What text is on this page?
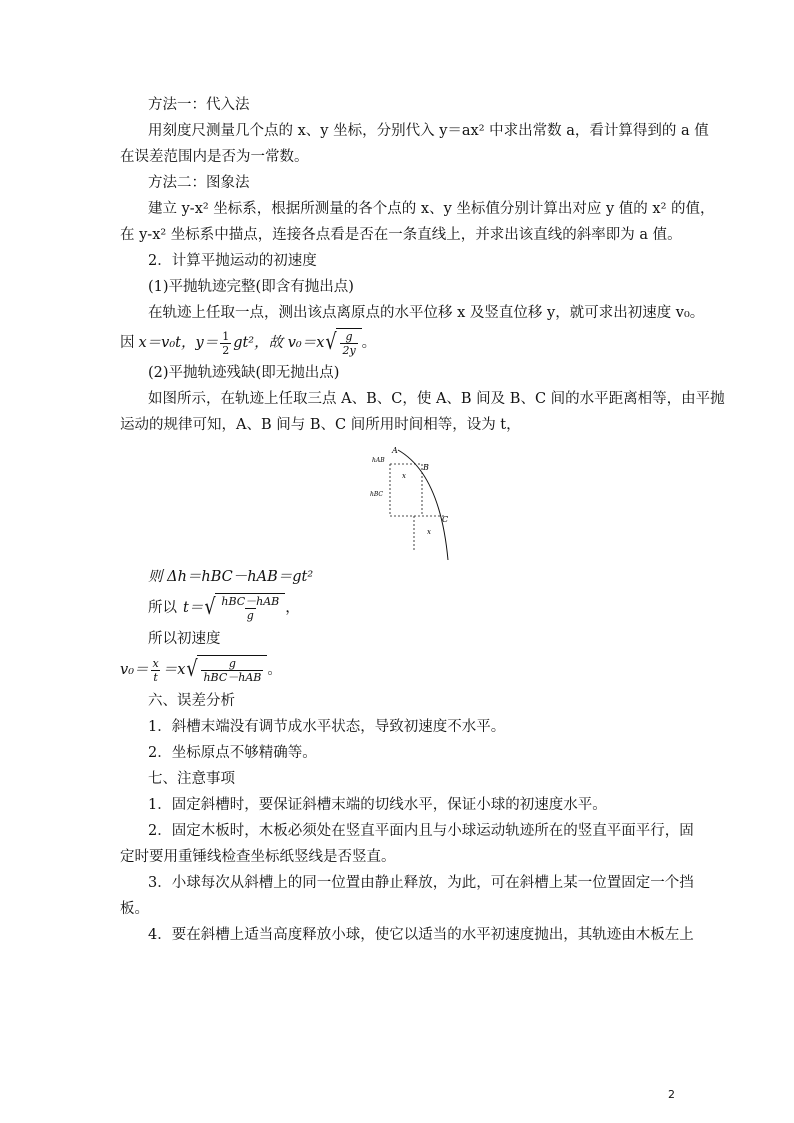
方法一：代入法
用刻度尺测量几个点的 x、y 坐标，分别代入 y＝ax² 中求出常数 a，看计算得到的 a 值
在误差范围内是否为一常数。
方法二：图象法
建立 y-x² 坐标系，根据所测量的各个点的 x、y 坐标值分别计算出对应 y 值的 x² 的值，
在 y-x² 坐标系中描点，连接各点看是否在一条直线上，并求出该直线的斜率即为 a 值。
2．计算平抛运动的初速度
(1)平抛轨迹完整(即含有抛出点)
在轨迹上任取一点，测出该点离原点的水平位移 x 及竖直位移 y，就可求出初速度 v₀。
因 x＝v₀t，$y= \frac{1}{2} gt^2$，故 v₀＝x √ $\frac{g}{2y}$ 。
(2)平抛轨迹残缺(即无抛出点)
如图所示，在轨迹上任取三点 A、B、C，使 A、B 间及 B、C 间的水平距离相等，由平抛
运动的规律可知，A、B 间与 B、C 间所用时间相等，设为 t，
A
B
C
hAB
hBC
x
x
则 Δh＝hBC－hAB＝gt²
所以 t＝ √ $\frac{\text{hBC－hAB}}{g}$ ，
所以初速度
$v_0= \frac{x}{t} =x$ √ $\frac{g}{\text{hBC－hAB}}$ 。
六、误差分析
1．斜槽末端没有调节成水平状态，导致初速度不水平。
2．坐标原点不够精确等。
七、注意事项
1．固定斜槽时，要保证斜槽末端的切线水平，保证小球的初速度水平。
2．固定木板时，木板必须处在竖直平面内且与小球运动轨迹所在的竖直平面平行，固
定时要用重锤线检查坐标纸竖线是否竖直。
3．小球每次从斜槽上的同一位置由静止释放，为此，可在斜槽上某一位置固定一个挡
板。
4．要在斜槽上适当高度释放小球，使它以适当的水平初速度抛出，其轨迹由木板左上
2
